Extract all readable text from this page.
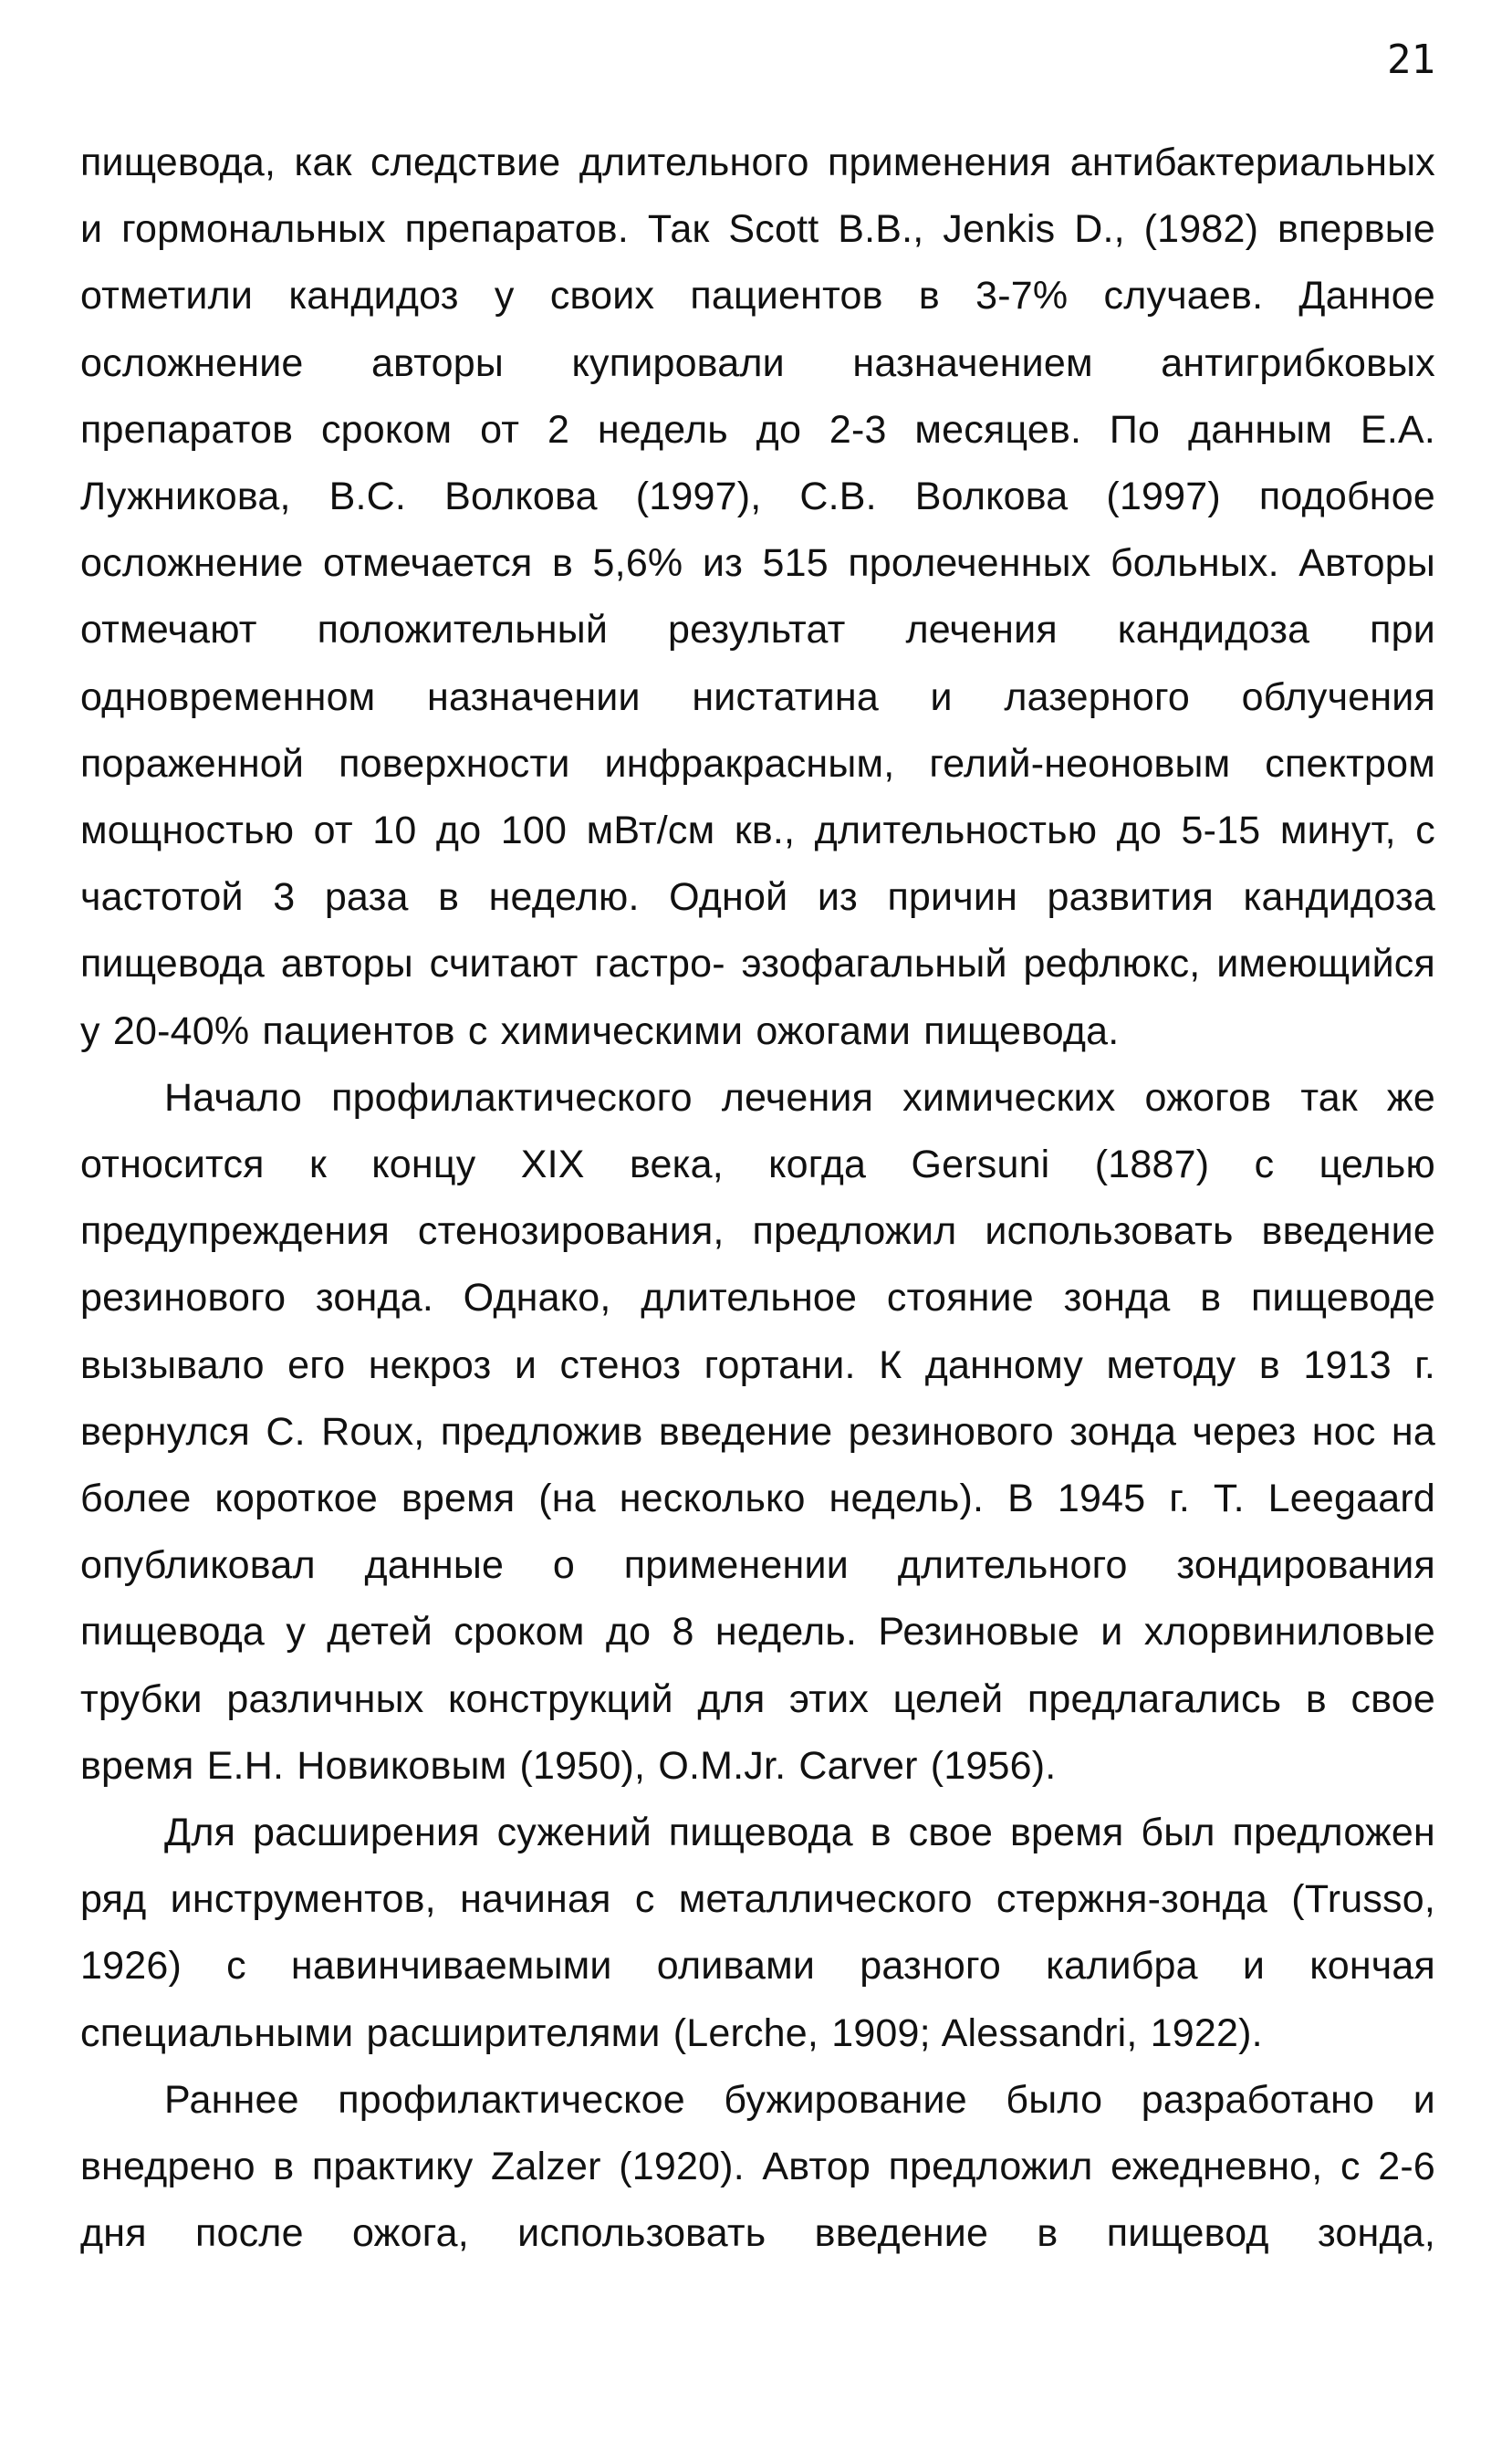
21

пищевода, как следствие длительного применения антибактериальных и гормональных препаратов. Так Scott B.B., Jenkis D., (1982) впервые отметили кандидоз у своих пациентов в 3-7% случаев. Данное осложнение авторы купировали назначением антигрибковых препаратов сроком от 2 недель до 2-3 месяцев. По данным Е.А. Лужникова, В.С. Волкова (1997), С.В. Волкова (1997) подобное осложнение отмечается в 5,6% из 515 пролеченных больных. Авторы отмечают положительный результат лечения кандидоза при одновременном назначении нистатина и лазерного облучения пораженной поверхности инфракрасным, гелий-неоновым спектром мощностью от 10 до 100 мВт/см кв., длительностью до 5-15 минут, с частотой 3 раза в неделю. Одной из причин развития кандидоза пищевода авторы считают гастро- эзофагальный рефлюкс, имеющийся у 20-40% пациентов с химическими ожогами пищевода.

Начало профилактического лечения химических ожогов так же относится к концу XIX века, когда Gersuni (1887) с целью предупреждения стенозирования, предложил использовать введение резинового зонда. Однако, длительное стояние зонда в пищеводе вызывало его некроз и стеноз гортани. К данному методу в 1913 г. вернулся С. Roux, предложив введение резинового зонда через нос на более короткое время (на несколько недель). В 1945 г. Т. Leegaard опубликовал данные о применении длительного зондирования пищевода у детей сроком до 8 недель. Резиновые и хлорвиниловые трубки различных конструкций для этих целей предлагались в свое время Е.Н. Новиковым (1950), O.M.Jr. Carver (1956).

Для расширения сужений пищевода в свое время был предложен ряд инструментов, начиная с металлического стержня-зонда (Trusso, 1926) с навинчиваемыми оливами разного калибра и кончая специальными расширителями (Lerche, 1909; Alessandri, 1922).

Раннее профилактическое бужирование было разработано и внедрено в практику Zalzer (1920). Автор предложил ежедневно, с 2-6 дня после ожога, использовать введение в пищевод зонда,
